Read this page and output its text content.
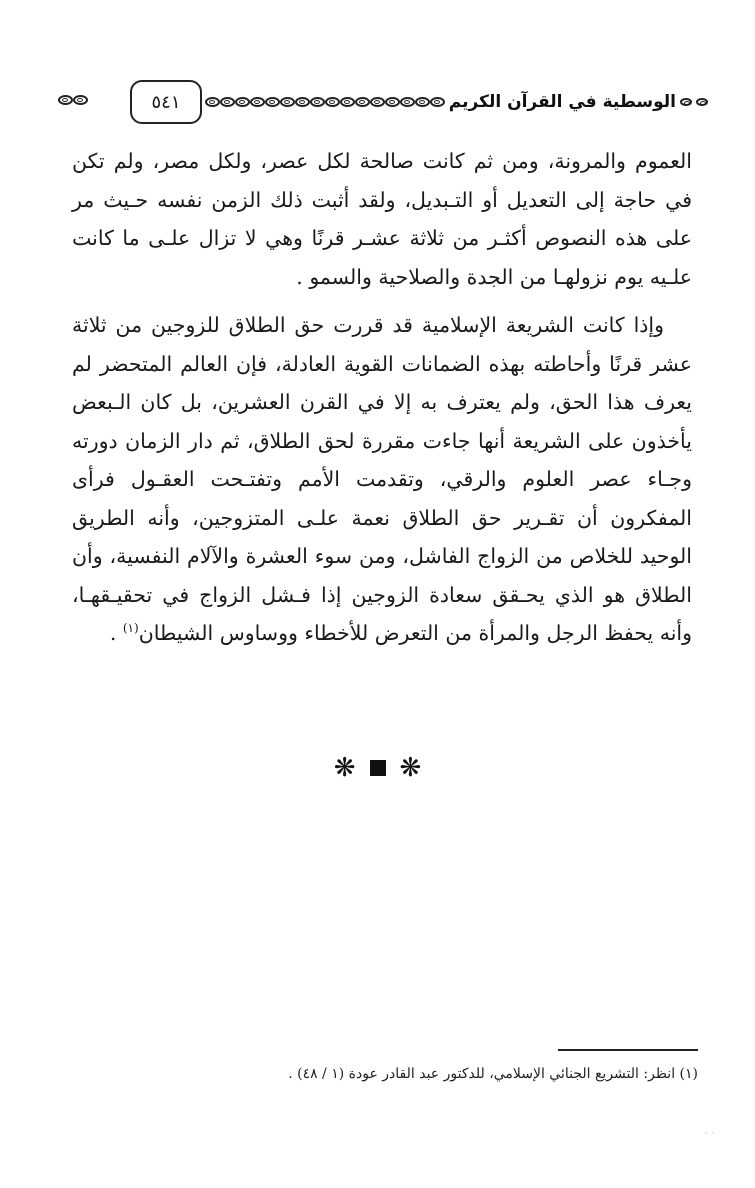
الوسطية في القرآن الكريم
٥٤١

العموم والمرونة، ومن ثم كانت صالحة لكل عصر، ولكل مصر، ولم تكن في حاجة إلى التعديل أو التـبديل، ولقد أثبت ذلك الزمن نفسه حـيث مر على هذه النصوص أكثـر من ثلاثة عشـر قرنًا وهي لا تزال علـى ما كانت علـيه يوم نزولهـا من الجدة والصلاحية والسمو .

وإذا كانت الشريعة الإسلامية قد قررت حق الطلاق للزوجين من ثلاثة عشر قرنًا وأحاطته بهذه الضمانات القوية العادلة، فإن العالم المتحضر لم يعرف هذا الحق، ولم يعترف به إلا في القرن العشرين، بل كان الـبعض يأخذون على الشريعة أنها جاءت مقررة لحق الطلاق، ثم دار الزمان دورته وجـاء عصر العلوم والرقي، وتقدمت الأمم وتفتـحت العقـول فرأى المفكرون أن تقـرير حق الطلاق نعمة علـى المتزوجين، وأنه الطريق الوحيد للخلاص من الزواج الفاشل، ومن سوء العشرة والآلام النفسية، وأن الطلاق هو الذي يحـقق سعادة الزوجين إذا فـشل الزواج في تحقيـقهـا، وأنه يحفظ الرجل والمرأة من التعرض للأخطاء ووساوس الشيطان$^{(١)}$ .

❋ ❋
(١) انظر: التشريع الجنائي الإسلامي، للدكتور عبد القادر عودة (١ / ٤٨) .
٠ ٠
